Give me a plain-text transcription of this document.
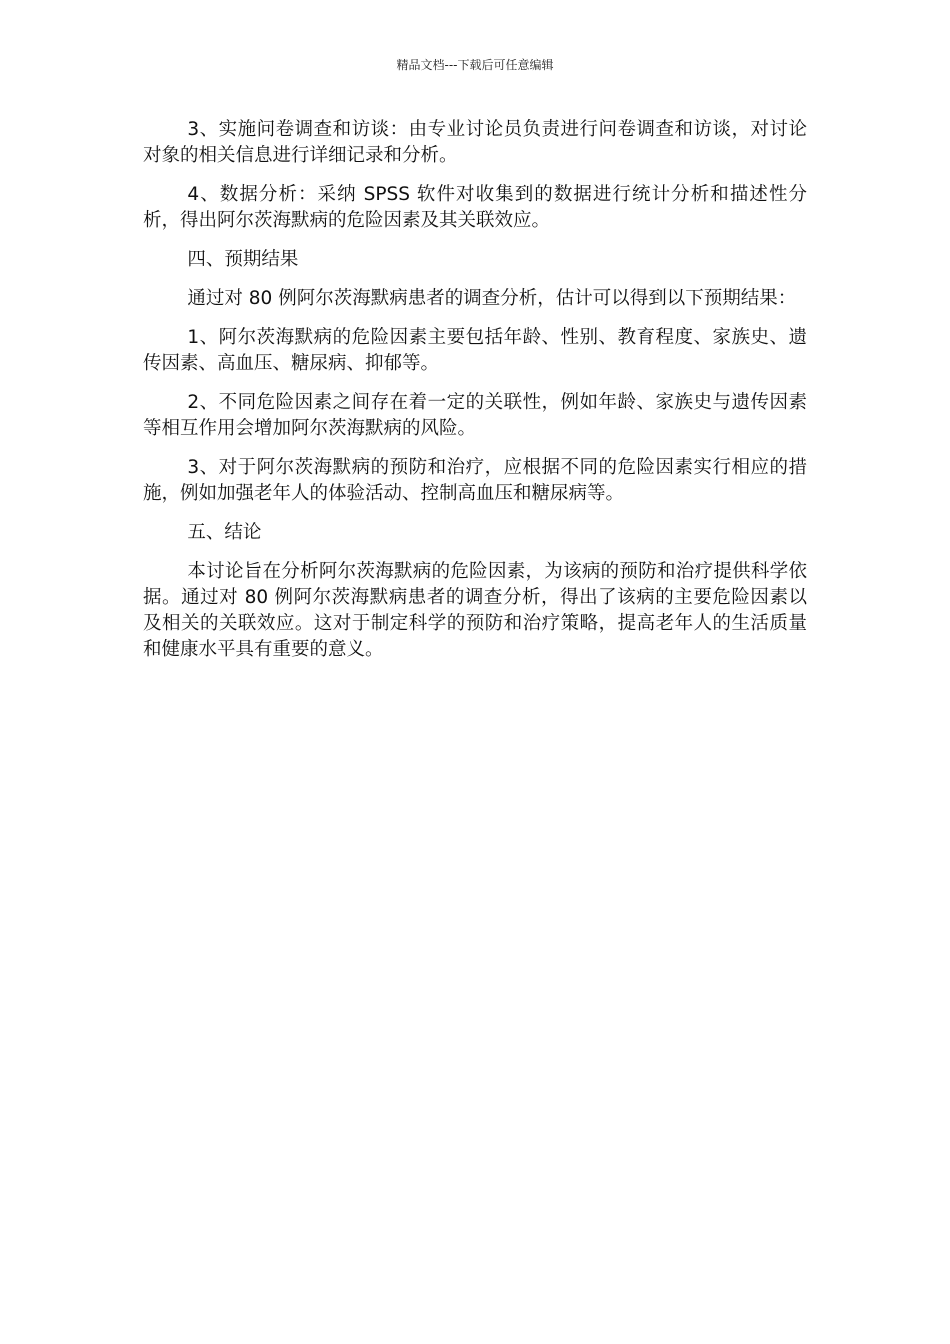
精品文档---下载后可任意编辑

3、实施问卷调查和访谈：由专业讨论员负责进行问卷调查和访谈，对讨论对象的相关信息进行详细记录和分析。

4、数据分析：采纳 SPSS 软件对收集到的数据进行统计分析和描述性分析，得出阿尔茨海默病的危险因素及其关联效应。

四、预期结果

通过对 80 例阿尔茨海默病患者的调查分析，估计可以得到以下预期结果：

1、阿尔茨海默病的危险因素主要包括年龄、性别、教育程度、家族史、遗传因素、高血压、糖尿病、抑郁等。

2、不同危险因素之间存在着一定的关联性，例如年龄、家族史与遗传因素等相互作用会增加阿尔茨海默病的风险。

3、对于阿尔茨海默病的预防和治疗，应根据不同的危险因素实行相应的措施，例如加强老年人的体验活动、控制高血压和糖尿病等。

五、结论

本讨论旨在分析阿尔茨海默病的危险因素，为该病的预防和治疗提供科学依据。通过对 80 例阿尔茨海默病患者的调查分析，得出了该病的主要危险因素以及相关的关联效应。这对于制定科学的预防和治疗策略，提高老年人的生活质量和健康水平具有重要的意义。
